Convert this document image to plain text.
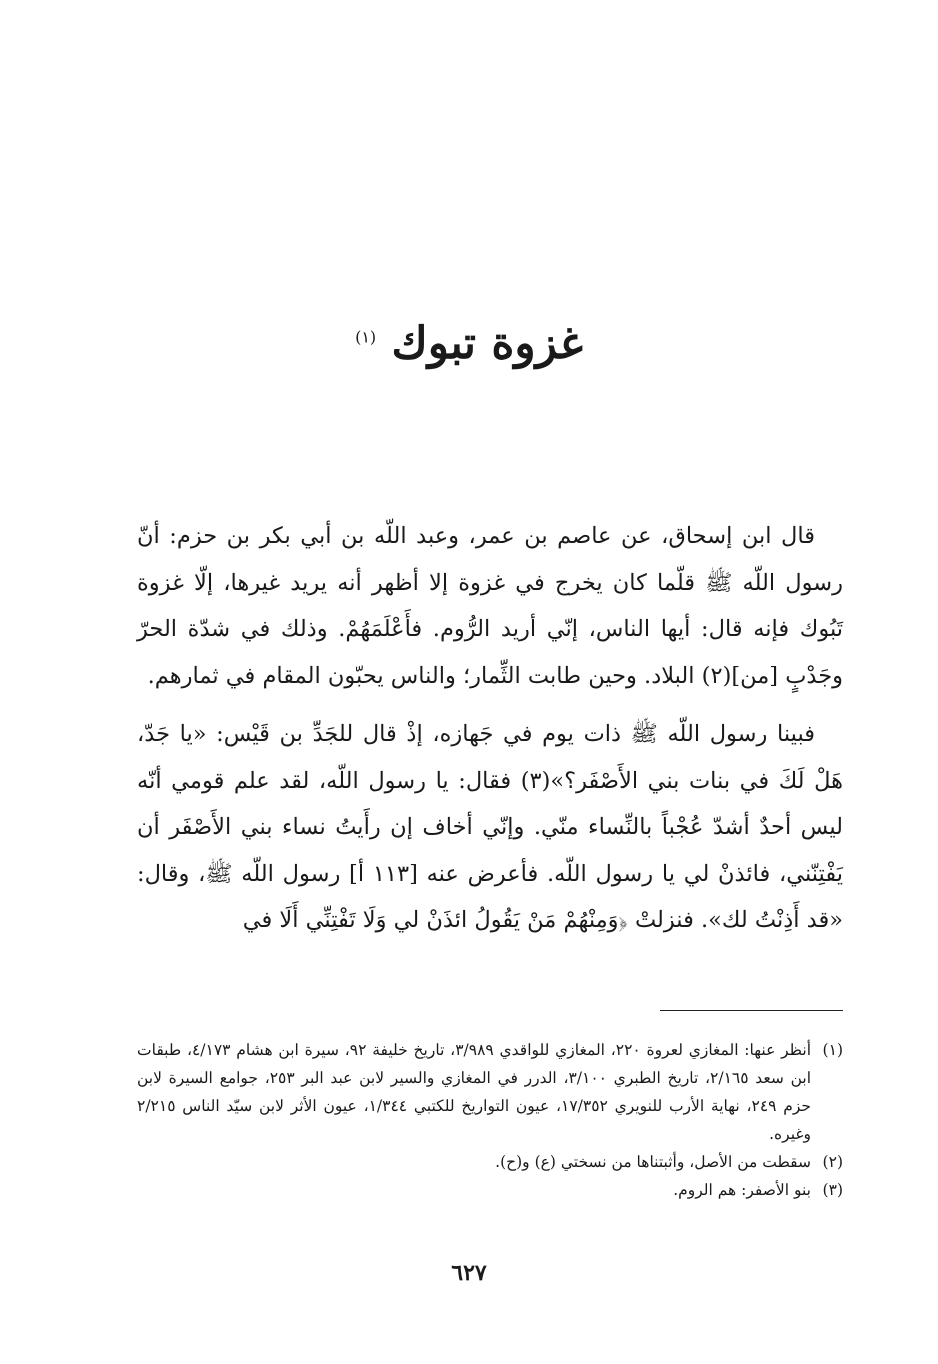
غزوة تبوك $^{(١)}$

قال ابن إسحاق، عن عاصم بن عمر، وعبد اللّه بن أبي بكر بن حزم: أنّ رسول اللّه ﷺ قلّما كان يخرج في غزوة إلا أظهر أنه يريد غيرها، إلّا غزوة تَبُوك فإنه قال: أيها الناس، إنّي أريد الرُّوم. فأَعْلَمَهُمْ. وذلك في شدّة الحرّ وجَدْبٍ [من](٢) البلاد. وحين طابت الثِّمار؛ والناس يحبّون المقام في ثمارهم.

فبينا رسول اللّه ﷺ ذات يوم في جَهازه، إذْ قال للجَدِّ بن قَيْس: «يا جَدّ، هَلْ لَكَ في بنات بني الأَصْفَر؟»(٣) فقال: يا رسول اللّه، لقد علم قومي أنّه ليس أحدٌ أشدّ عُجْباً بالنِّساء منّي. وإنّي أخاف إن رأَيتُ نساء بني الأَصْفَر أن يَفْتِنّني، فائذنْ لي يا رسول اللّه. فأعرض عنه [١١٣ أ] رسول اللّه ﷺ، وقال: «قد أَذِنْتُ لك». فنزلتْ ﴿وَمِنْهُمْ مَنْ يَقُولُ ائذَنْ لي وَلَا تَفْتِنِّي أَلَا في

(١)
أنظر عنها: المغازي لعروة ٢٢٠، المغازي للواقدي ٣/٩٨٩، تاريخ خليفة ٩٢، سيرة ابن هشام ٤/١٧٣، طبقات ابن سعد ٢/١٦٥، تاريخ الطبري ٣/١٠٠، الدرر في المغازي والسير لابن عبد البر ٢٥٣، جوامع السيرة لابن حزم ٢٤٩، نهاية الأرب للنويري ١٧/٣٥٢، عيون التواريخ للكتبي ١/٣٤٤، عيون الأثر لابن سيّد الناس ٢/٢١٥ وغيره.
(٢)
سقطت من الأصل، وأثبتناها من نسختي (ع) و(ح).
(٣)
بنو الأصفر: هم الروم.
٦٢٧
